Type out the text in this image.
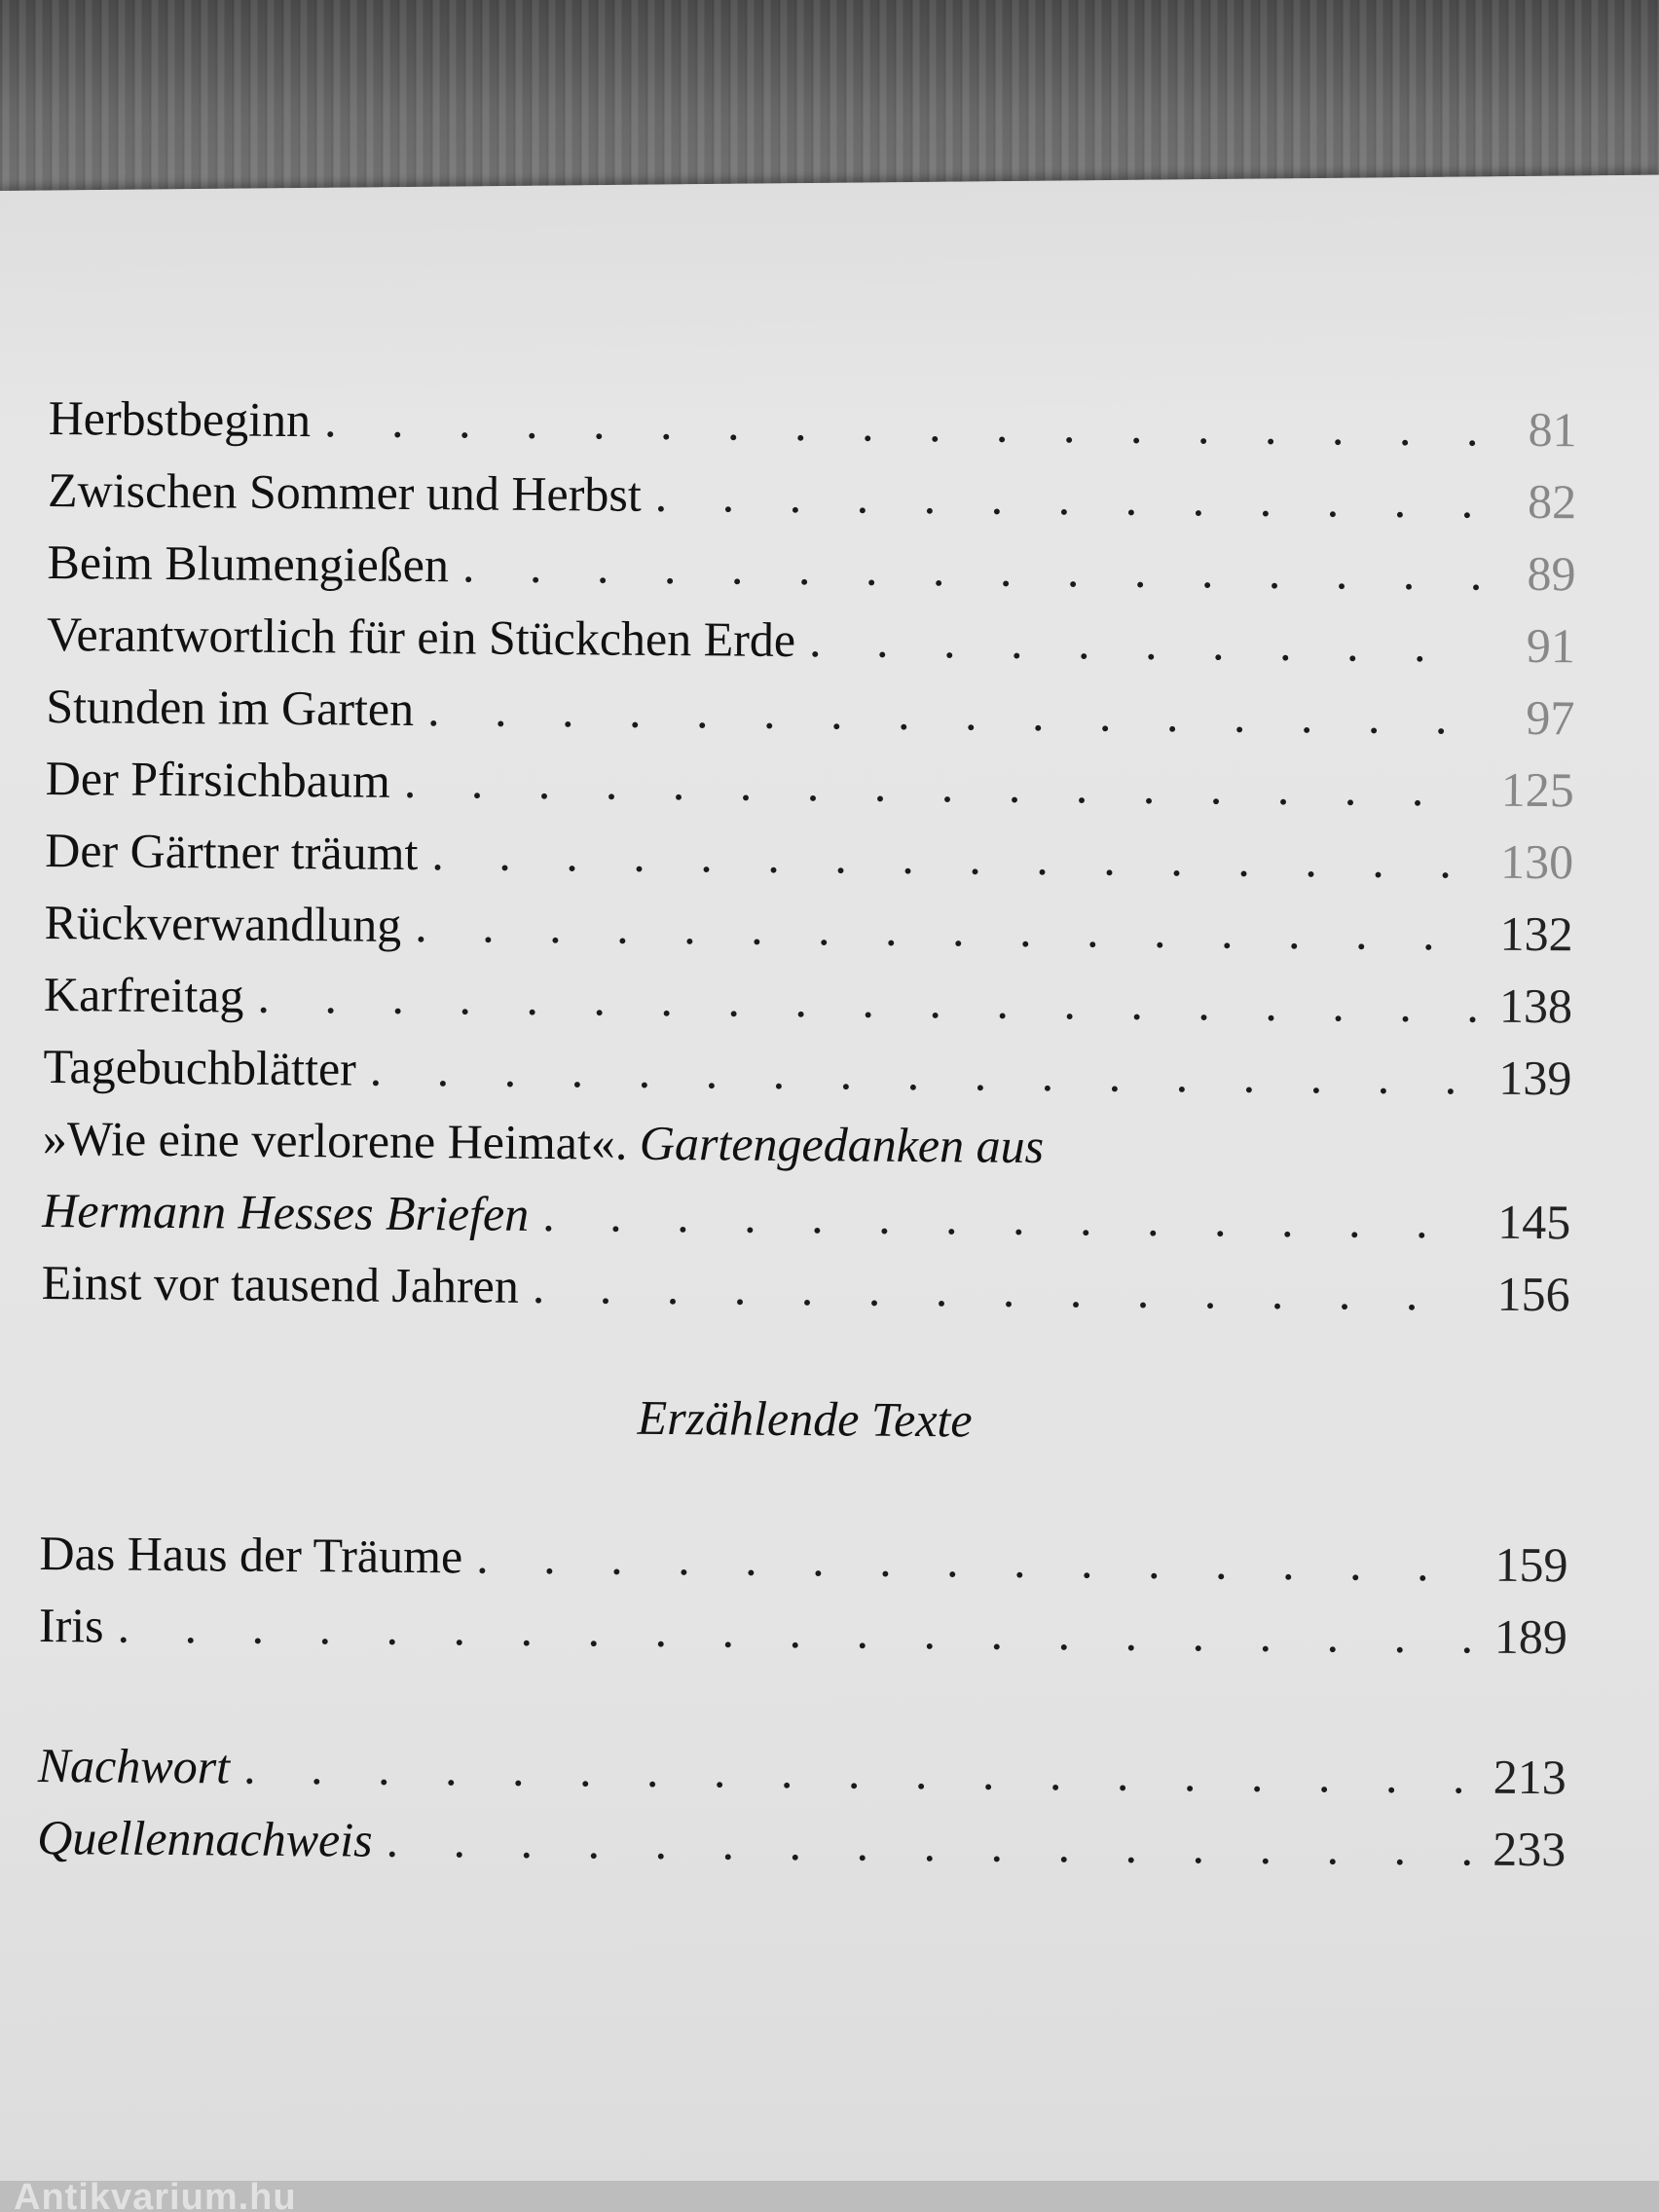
Herbstbeginn . . .	81
Zwischen Sommer und Herbst . . .	82
Beim Blumengießen . . .	89
Verantwortlich für ein Stückchen Erde . . .	91
Stunden im Garten . . .	97
Der Pfirsichbaum . . .	125
Der Gärtner träumt . . .	130
Rückverwandlung . . .	132
Karfreitag . . .	138
Tagebuchblätter . . .	139
»Wie eine verlorene Heimat«. Gartengedanken aus
Hermann Hesses Briefen . . .	145
Einst vor tausend Jahren . . .	156
Erzählende Texte
Das Haus der Träume . . .	159
Iris . . .	189
Nachwort . . .	213
Quellennachweis . . .	233
Antikvarium.hu
